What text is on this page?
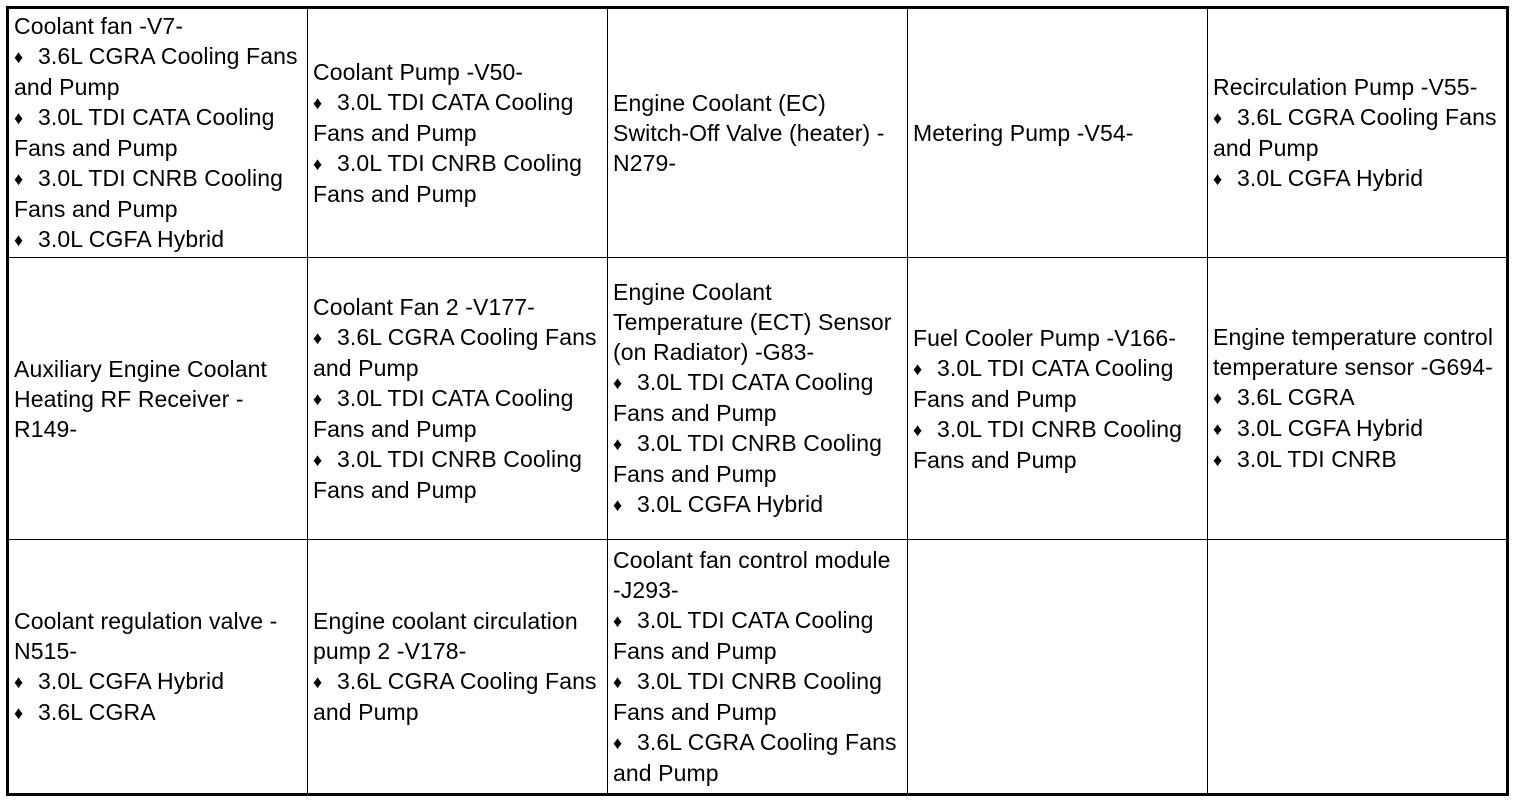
Coolant fan -V7-
♦ 3.6L CGRA Cooling Fans and Pump
♦ 3.0L TDI CATA Cooling Fans and Pump
♦ 3.0L TDI CNRB Cooling Fans and Pump
♦ 3.0L CGFA Hybrid	Coolant Pump -V50-
♦ 3.0L TDI CATA Cooling Fans and Pump
♦ 3.0L TDI CNRB Cooling Fans and Pump	Engine Coolant (EC) Switch-Off Valve (heater) -N279-	Metering Pump -V54-	Recirculation Pump -V55-
♦ 3.6L CGRA Cooling Fans and Pump
♦ 3.0L CGFA Hybrid

Auxiliary Engine Coolant Heating RF Receiver -R149-	Coolant Fan 2 -V177-
♦ 3.6L CGRA Cooling Fans and Pump
♦ 3.0L TDI CATA Cooling Fans and Pump
♦ 3.0L TDI CNRB Cooling Fans and Pump	Engine Coolant Temperature (ECT) Sensor (on Radiator) -G83-
♦ 3.0L TDI CATA Cooling Fans and Pump
♦ 3.0L TDI CNRB Cooling Fans and Pump
♦ 3.0L CGFA Hybrid	Fuel Cooler Pump -V166-
♦ 3.0L TDI CATA Cooling Fans and Pump
♦ 3.0L TDI CNRB Cooling Fans and Pump	Engine temperature control temperature sensor -G694-
♦ 3.6L CGRA
♦ 3.0L CGFA Hybrid
♦ 3.0L TDI CNRB

Coolant regulation valve -N515-
♦ 3.0L CGFA Hybrid
♦ 3.6L CGRA	Engine coolant circulation pump 2 -V178-
♦ 3.6L CGRA Cooling Fans and Pump	Coolant fan control module -J293-
♦ 3.0L TDI CATA Cooling Fans and Pump
♦ 3.0L TDI CNRB Cooling Fans and Pump
♦ 3.6L CGRA Cooling Fans and Pump		
